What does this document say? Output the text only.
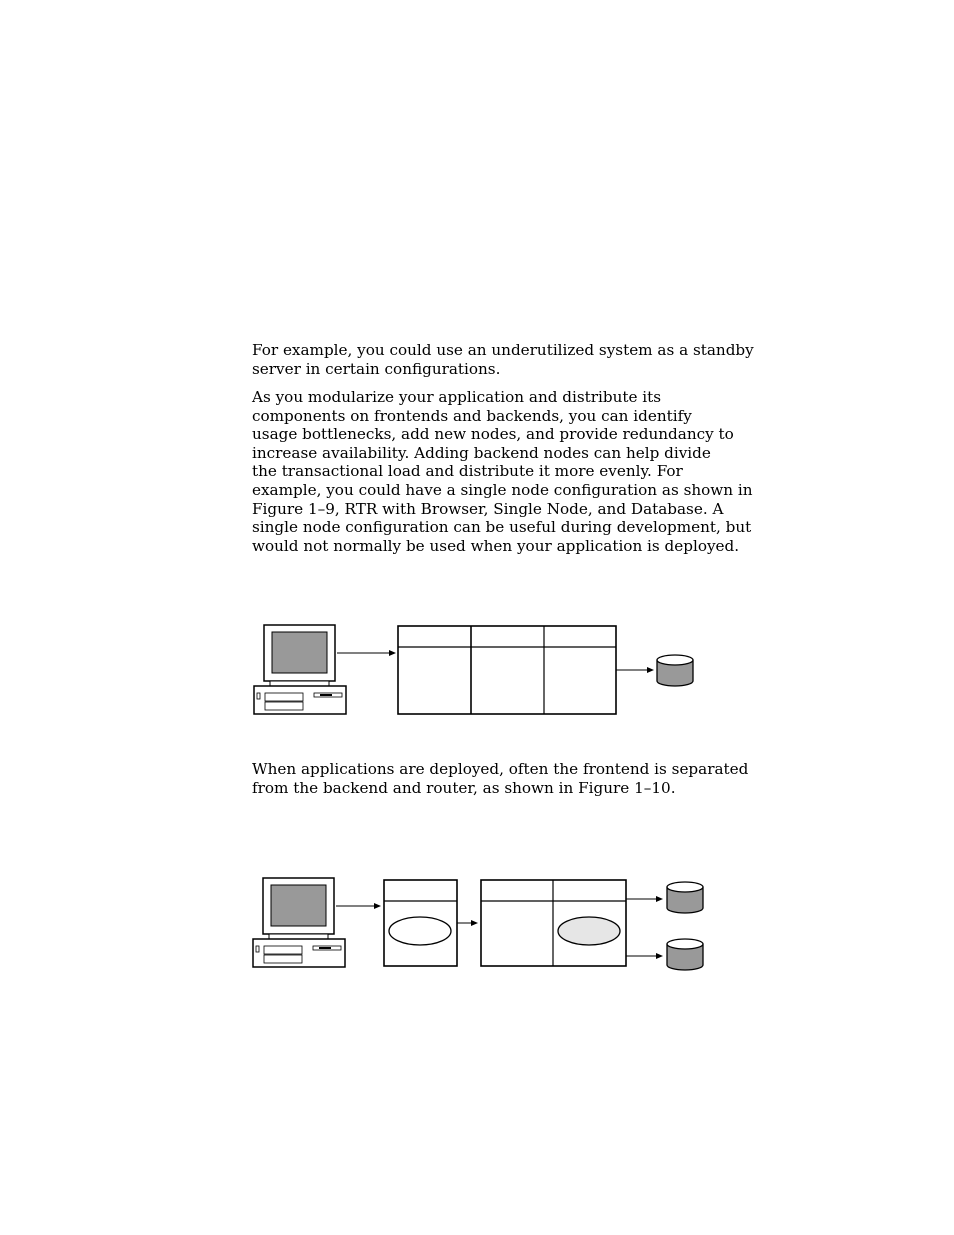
For example, you could use an underutilized system as a standby
server in certain configurations.
As you modularize your application and distribute its
components on frontends and backends, you can identify
usage bottlenecks, add new nodes, and provide redundancy to
increase availability. Adding backend nodes can help divide
the transactional load and distribute it more evenly. For
example, you could have a single node configuration as shown in
Figure 1–9, RTR with Browser, Single Node, and Database. A
single node configuration can be useful during development, but
would not normally be used when your application is deployed.
When applications are deployed, often the frontend is separated
from the backend and router, as shown in Figure 1–10.
